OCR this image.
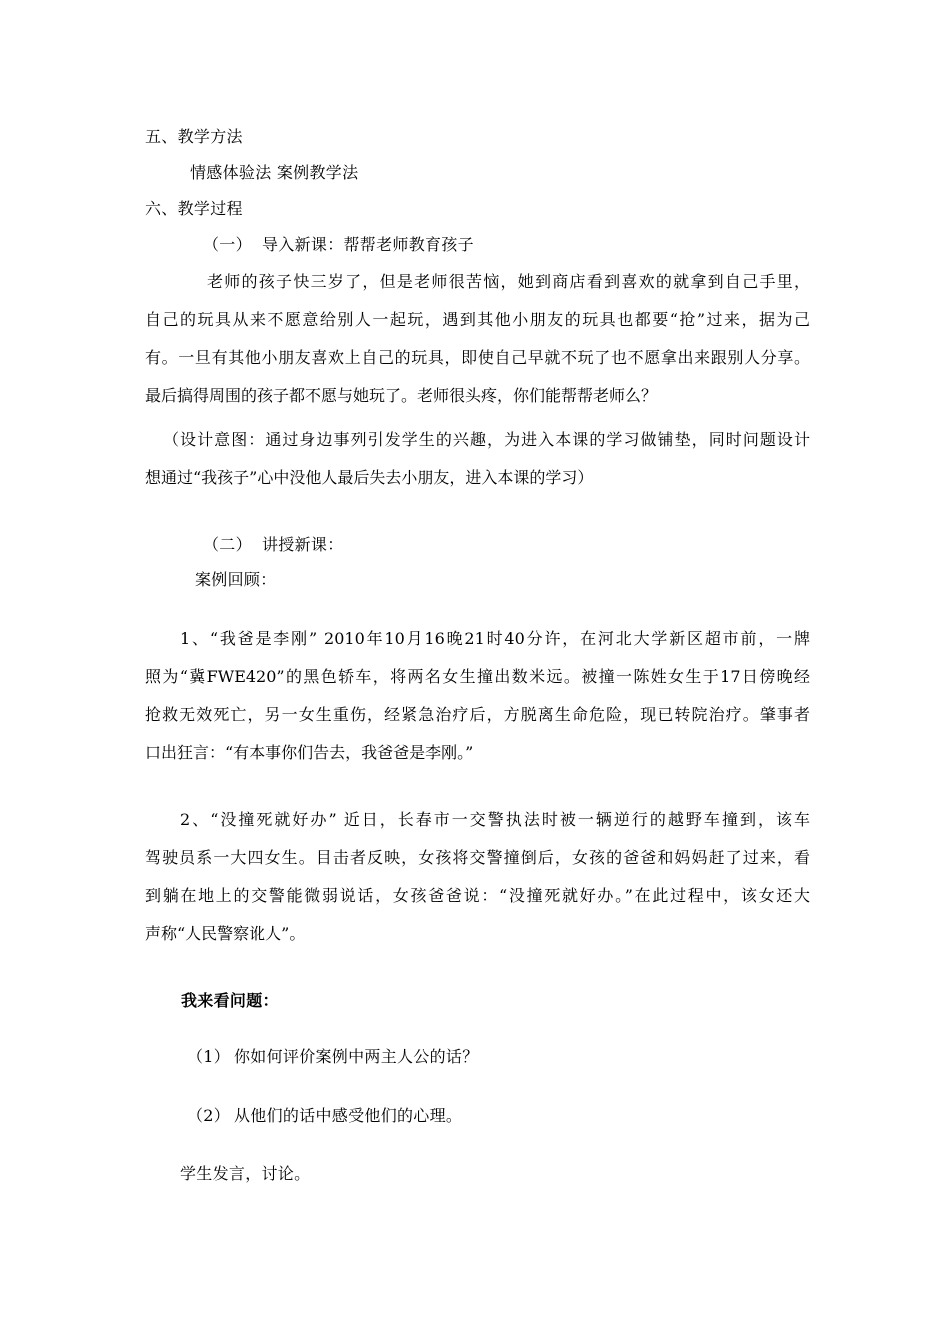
五、教学方法
情感体验法 案例教学法
六、教学过程
（一） 导入新课：帮帮老师教育孩子
老师的孩子快三岁了，但是老师很苦恼，她到商店看到喜欢的就拿到自己手里，
自己的玩具从来不愿意给别人一起玩，遇到其他小朋友的玩具也都要“抢”过来，据为己
有。一旦有其他小朋友喜欢上自己的玩具，即使自己早就不玩了也不愿拿出来跟别人分享。
最后搞得周围的孩子都不愿与她玩了。老师很头疼，你们能帮帮老师么？
（设计意图：通过身边事列引发学生的兴趣，为进入本课的学习做铺垫，同时问题设计
想通过“我孩子”心中没他人最后失去小朋友，进入本课的学习）
（二） 讲授新课：
案例回顾：
1、“我爸是李刚” 2010年10月16晚21时40分许，在河北大学新区超市前，一牌
照为“冀FWE420”的黑色轿车，将两名女生撞出数米远。被撞一陈姓女生于17日傍晚经
抢救无效死亡，另一女生重伤，经紧急治疗后，方脱离生命危险，现已转院治疗。肇事者
口出狂言：“有本事你们告去，我爸爸是李刚。”
2、“没撞死就好办” 近日，长春市一交警执法时被一辆逆行的越野车撞到，该车
驾驶员系一大四女生。目击者反映，女孩将交警撞倒后，女孩的爸爸和妈妈赶了过来，看
到躺在地上的交警能微弱说话，女孩爸爸说：“没撞死就好办。”在此过程中，该女还大
声称“人民警察讹人”。
我来看问题：
（1） 你如何评价案例中两主人公的话？
（2） 从他们的话中感受他们的心理。
学生发言，讨论。
